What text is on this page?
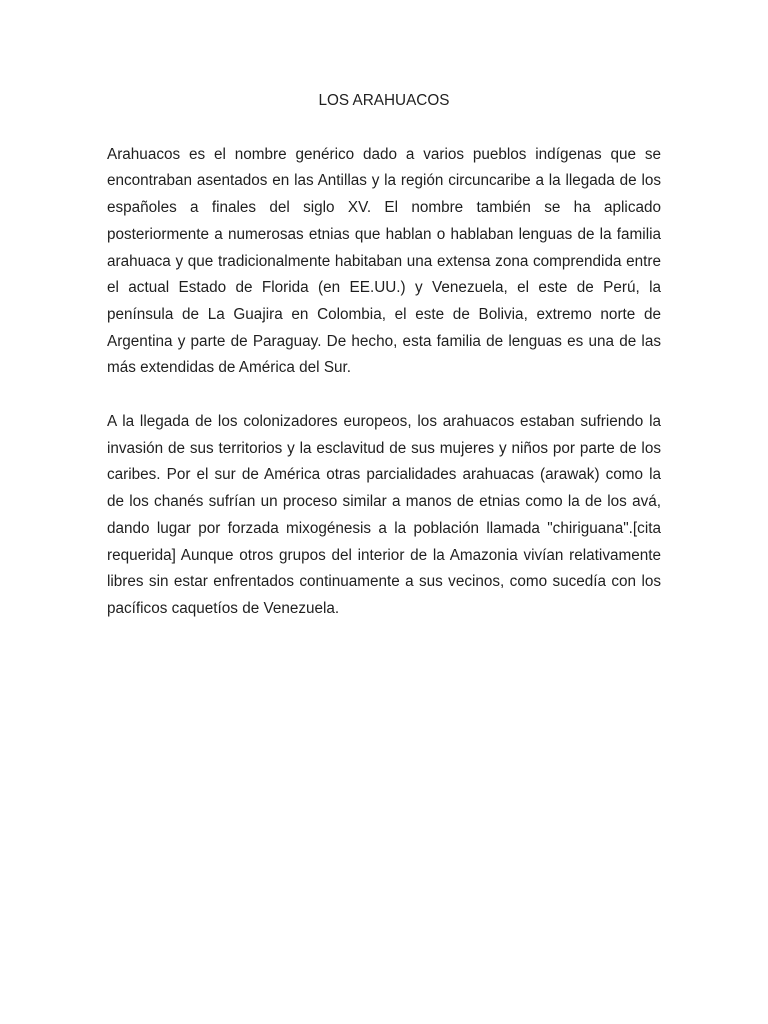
LOS ARAHUACOS

Arahuacos es el nombre genérico dado a varios pueblos indígenas que se encontraban asentados en las Antillas y la región circuncaribe a la llegada de los españoles a finales del siglo XV. El nombre también se ha aplicado posteriormente a numerosas etnias que hablan o hablaban lenguas de la familia arahuaca y que tradicionalmente habitaban una extensa zona comprendida entre el actual Estado de Florida (en EE.UU.) y Venezuela, el este de Perú, la península de La Guajira en Colombia, el este de Bolivia, extremo norte de Argentina y parte de Paraguay. De hecho, esta familia de lenguas es una de las más extendidas de América del Sur.

A la llegada de los colonizadores europeos, los arahuacos estaban sufriendo la invasión de sus territorios y la esclavitud de sus mujeres y niños por parte de los caribes. Por el sur de América otras parcialidades arahuacas (arawak) como la de los chanés sufrían un proceso similar a manos de etnias como la de los avá, dando lugar por forzada mixogénesis a la población llamada "chiriguana".[cita requerida] Aunque otros grupos del interior de la Amazonia vivían relativamente libres sin estar enfrentados continuamente a sus vecinos, como sucedía con los pacíficos caquetíos de Venezuela.
